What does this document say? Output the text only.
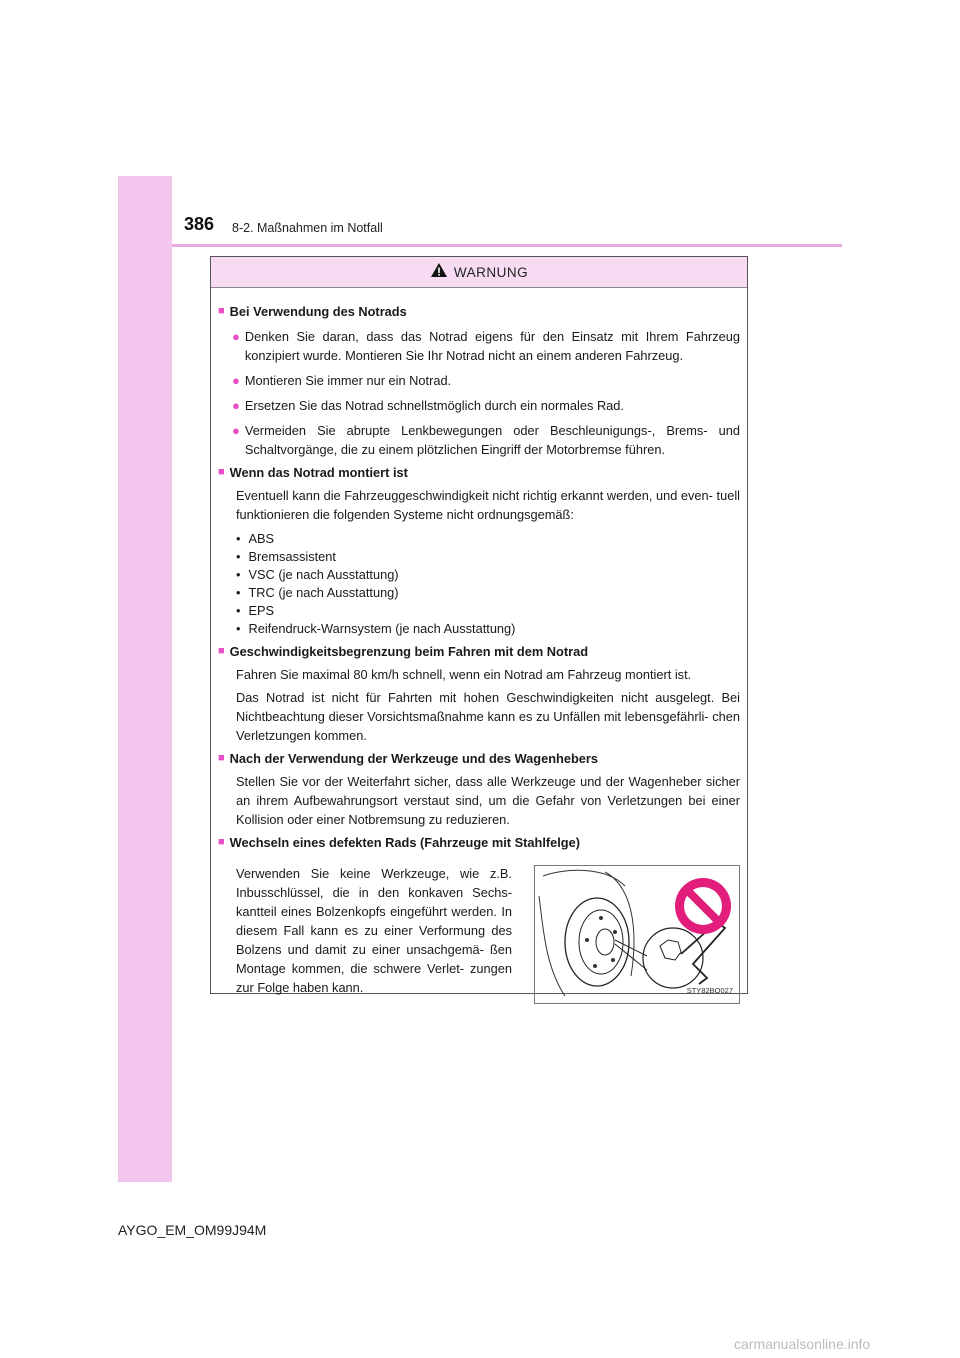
386 8-2. Maßnahmen im Notfall
WARNUNG
■ Bei Verwendung des Notrads
● Denken Sie daran, dass das Notrad eigens für den Einsatz mit Ihrem Fahrzeug konzipiert wurde. Montieren Sie Ihr Notrad nicht an einem anderen Fahrzeug.
● Montieren Sie immer nur ein Notrad.
● Ersetzen Sie das Notrad schnellstmöglich durch ein normales Rad.
● Vermeiden Sie abrupte Lenkbewegungen oder Beschleunigungs-, Brems- und Schaltvorgänge, die zu einem plötzlichen Eingriff der Motorbremse führen.
■ Wenn das Notrad montiert ist
Eventuell kann die Fahrzeuggeschwindigkeit nicht richtig erkannt werden, und even- tuell funktionieren die folgenden Systeme nicht ordnungsgemäß:
• ABS
• Bremsassistent
• VSC (je nach Ausstattung)
• TRC (je nach Ausstattung)
• EPS
• Reifendruck-Warnsystem (je nach Ausstattung)
■ Geschwindigkeitsbegrenzung beim Fahren mit dem Notrad
Fahren Sie maximal 80 km/h schnell, wenn ein Notrad am Fahrzeug montiert ist.
Das Notrad ist nicht für Fahrten mit hohen Geschwindigkeiten nicht ausgelegt. Bei Nichtbeachtung dieser Vorsichtsmaßnahme kann es zu Unfällen mit lebensgefährli- chen Verletzungen kommen.
■ Nach der Verwendung der Werkzeuge und des Wagenhebers
Stellen Sie vor der Weiterfahrt sicher, dass alle Werkzeuge und der Wagenheber sicher an ihrem Aufbewahrungsort verstaut sind, um die Gefahr von Verletzungen bei einer Kollision oder einer Notbremsung zu reduzieren.
■ Wechseln eines defekten Rads (Fahrzeuge mit Stahlfelge)
Verwenden Sie keine Werkzeuge, wie z.B. Inbusschlüssel, die in den konkaven Sechs- kantteil eines Bolzenkopfs eingeführt werden. In diesem Fall kann es zu einer Verformung des Bolzens und damit zu einer unsachgemä- ßen Montage kommen, die schwere Verlet- zungen zur Folge haben kann.	STY82BO027
AYGO_EM_OM99J94M
carmanualsonline.info
